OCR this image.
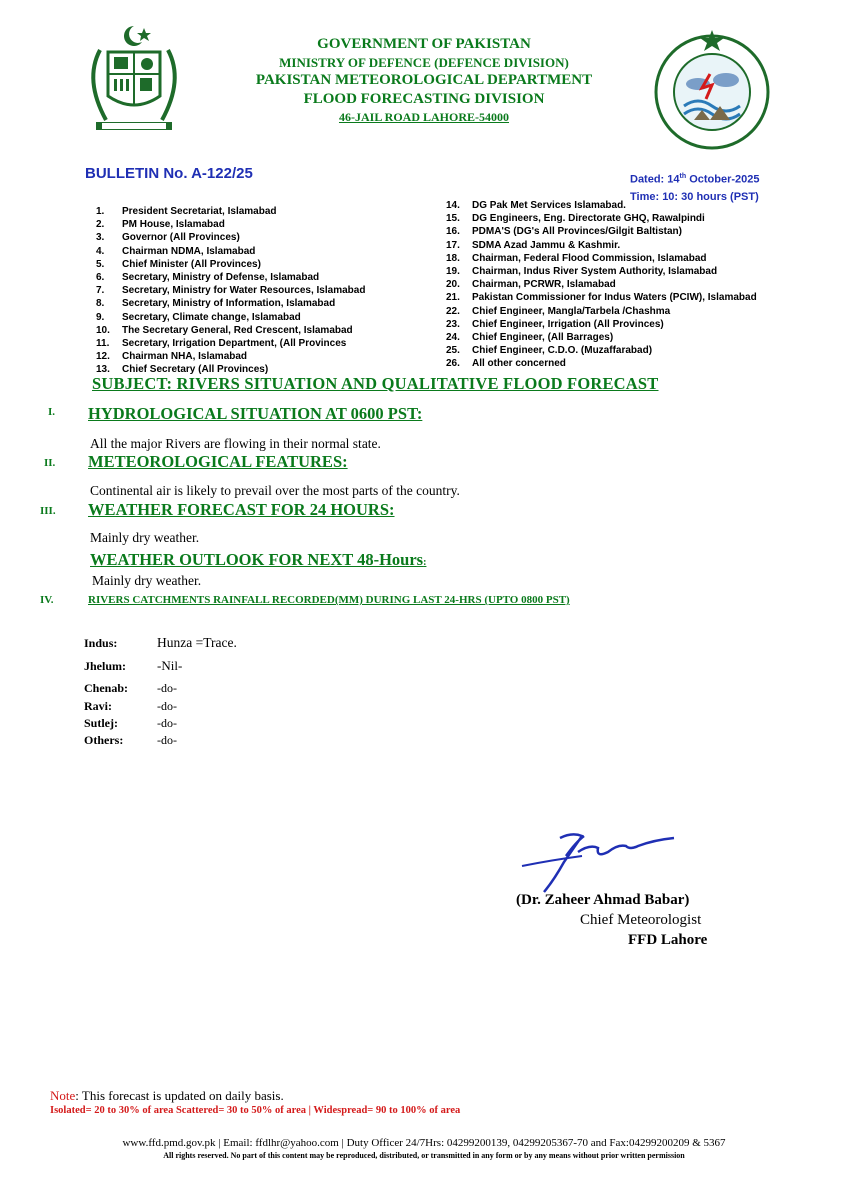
GOVERNMENT OF PAKISTAN
MINISTRY OF DEFENCE (DEFENCE DIVISION)
PAKISTAN METEOROLOGICAL DEPARTMENT
FLOOD FORECASTING DIVISION
46-JAIL ROAD LAHORE-54000
BULLETIN No. A-122/25	Dated: 14th October-2025
Time: 10: 30 hours (PST)
1. President Secretariat, Islamabad
2. PM House, Islamabad
3. Governor (All Provinces)
4. Chairman NDMA, Islamabad
5. Chief Minister (All Provinces)
6. Secretary, Ministry of Defense, Islamabad
7. Secretary, Ministry for Water Resources, Islamabad
8. Secretary, Ministry of Information, Islamabad
9. Secretary, Climate change, Islamabad
10. The Secretary General, Red Crescent, Islamabad
11. Secretary, Irrigation Department, (All Provinces
12. Chairman NHA, Islamabad
13. Chief Secretary (All Provinces)
14. DG Pak Met Services Islamabad.
15. DG Engineers, Eng. Directorate GHQ, Rawalpindi
16. PDMA'S (DG's All Provinces/Gilgit Baltistan)
17. SDMA Azad Jammu & Kashmir.
18. Chairman, Federal Flood Commission, Islamabad
19. Chairman, Indus River System Authority, Islamabad
20. Chairman, PCRWR, Islamabad
21. Pakistan Commissioner for Indus Waters (PCIW), Islamabad
22. Chief Engineer, Mangla/Tarbela /Chashma
23. Chief Engineer, Irrigation (All Provinces)
24. Chief Engineer, (All Barrages)
25. Chief Engineer, C.D.O. (Muzaffarabad)
26. All other concerned
SUBJECT: RIVERS SITUATION AND QUALITATIVE FLOOD FORECAST
I. HYDROLOGICAL SITUATION AT 0600 PST:
All the major Rivers are flowing in their normal state.
II. METEOROLOGICAL FEATURES:
Continental air is likely to prevail over the most parts of the country.
III. WEATHER FORECAST FOR 24 HOURS:
Mainly dry weather.
WEATHER OUTLOOK FOR NEXT 48-Hours:
Mainly dry weather.
IV.	RIVERS CATCHMENTS RAINFALL RECORDED(MM) DURING LAST 24-HRS (UPTO 0800 PST)
Indus:	Hunza =Trace.
Jhelum:	-Nil-
Chenab:	-do-
Ravi:	-do-
Sutlej:	-do-
Others:	-do-
(Dr. Zaheer Ahmad Babar)
Chief Meteorologist
FFD Lahore
Note: This forecast is updated on daily basis.
Isolated= 20 to 30% of area Scattered= 30 to 50% of area | Widespread= 90 to 100% of area
www.ffd.pmd.gov.pk | Email: ffdlhr@yahoo.com | Duty Officer 24/7Hrs: 04299200139, 04299205367-70 and Fax:04299200209 & 5367
All rights reserved. No part of this content may be reproduced, distributed, or transmitted in any form or by any means without prior written permission
